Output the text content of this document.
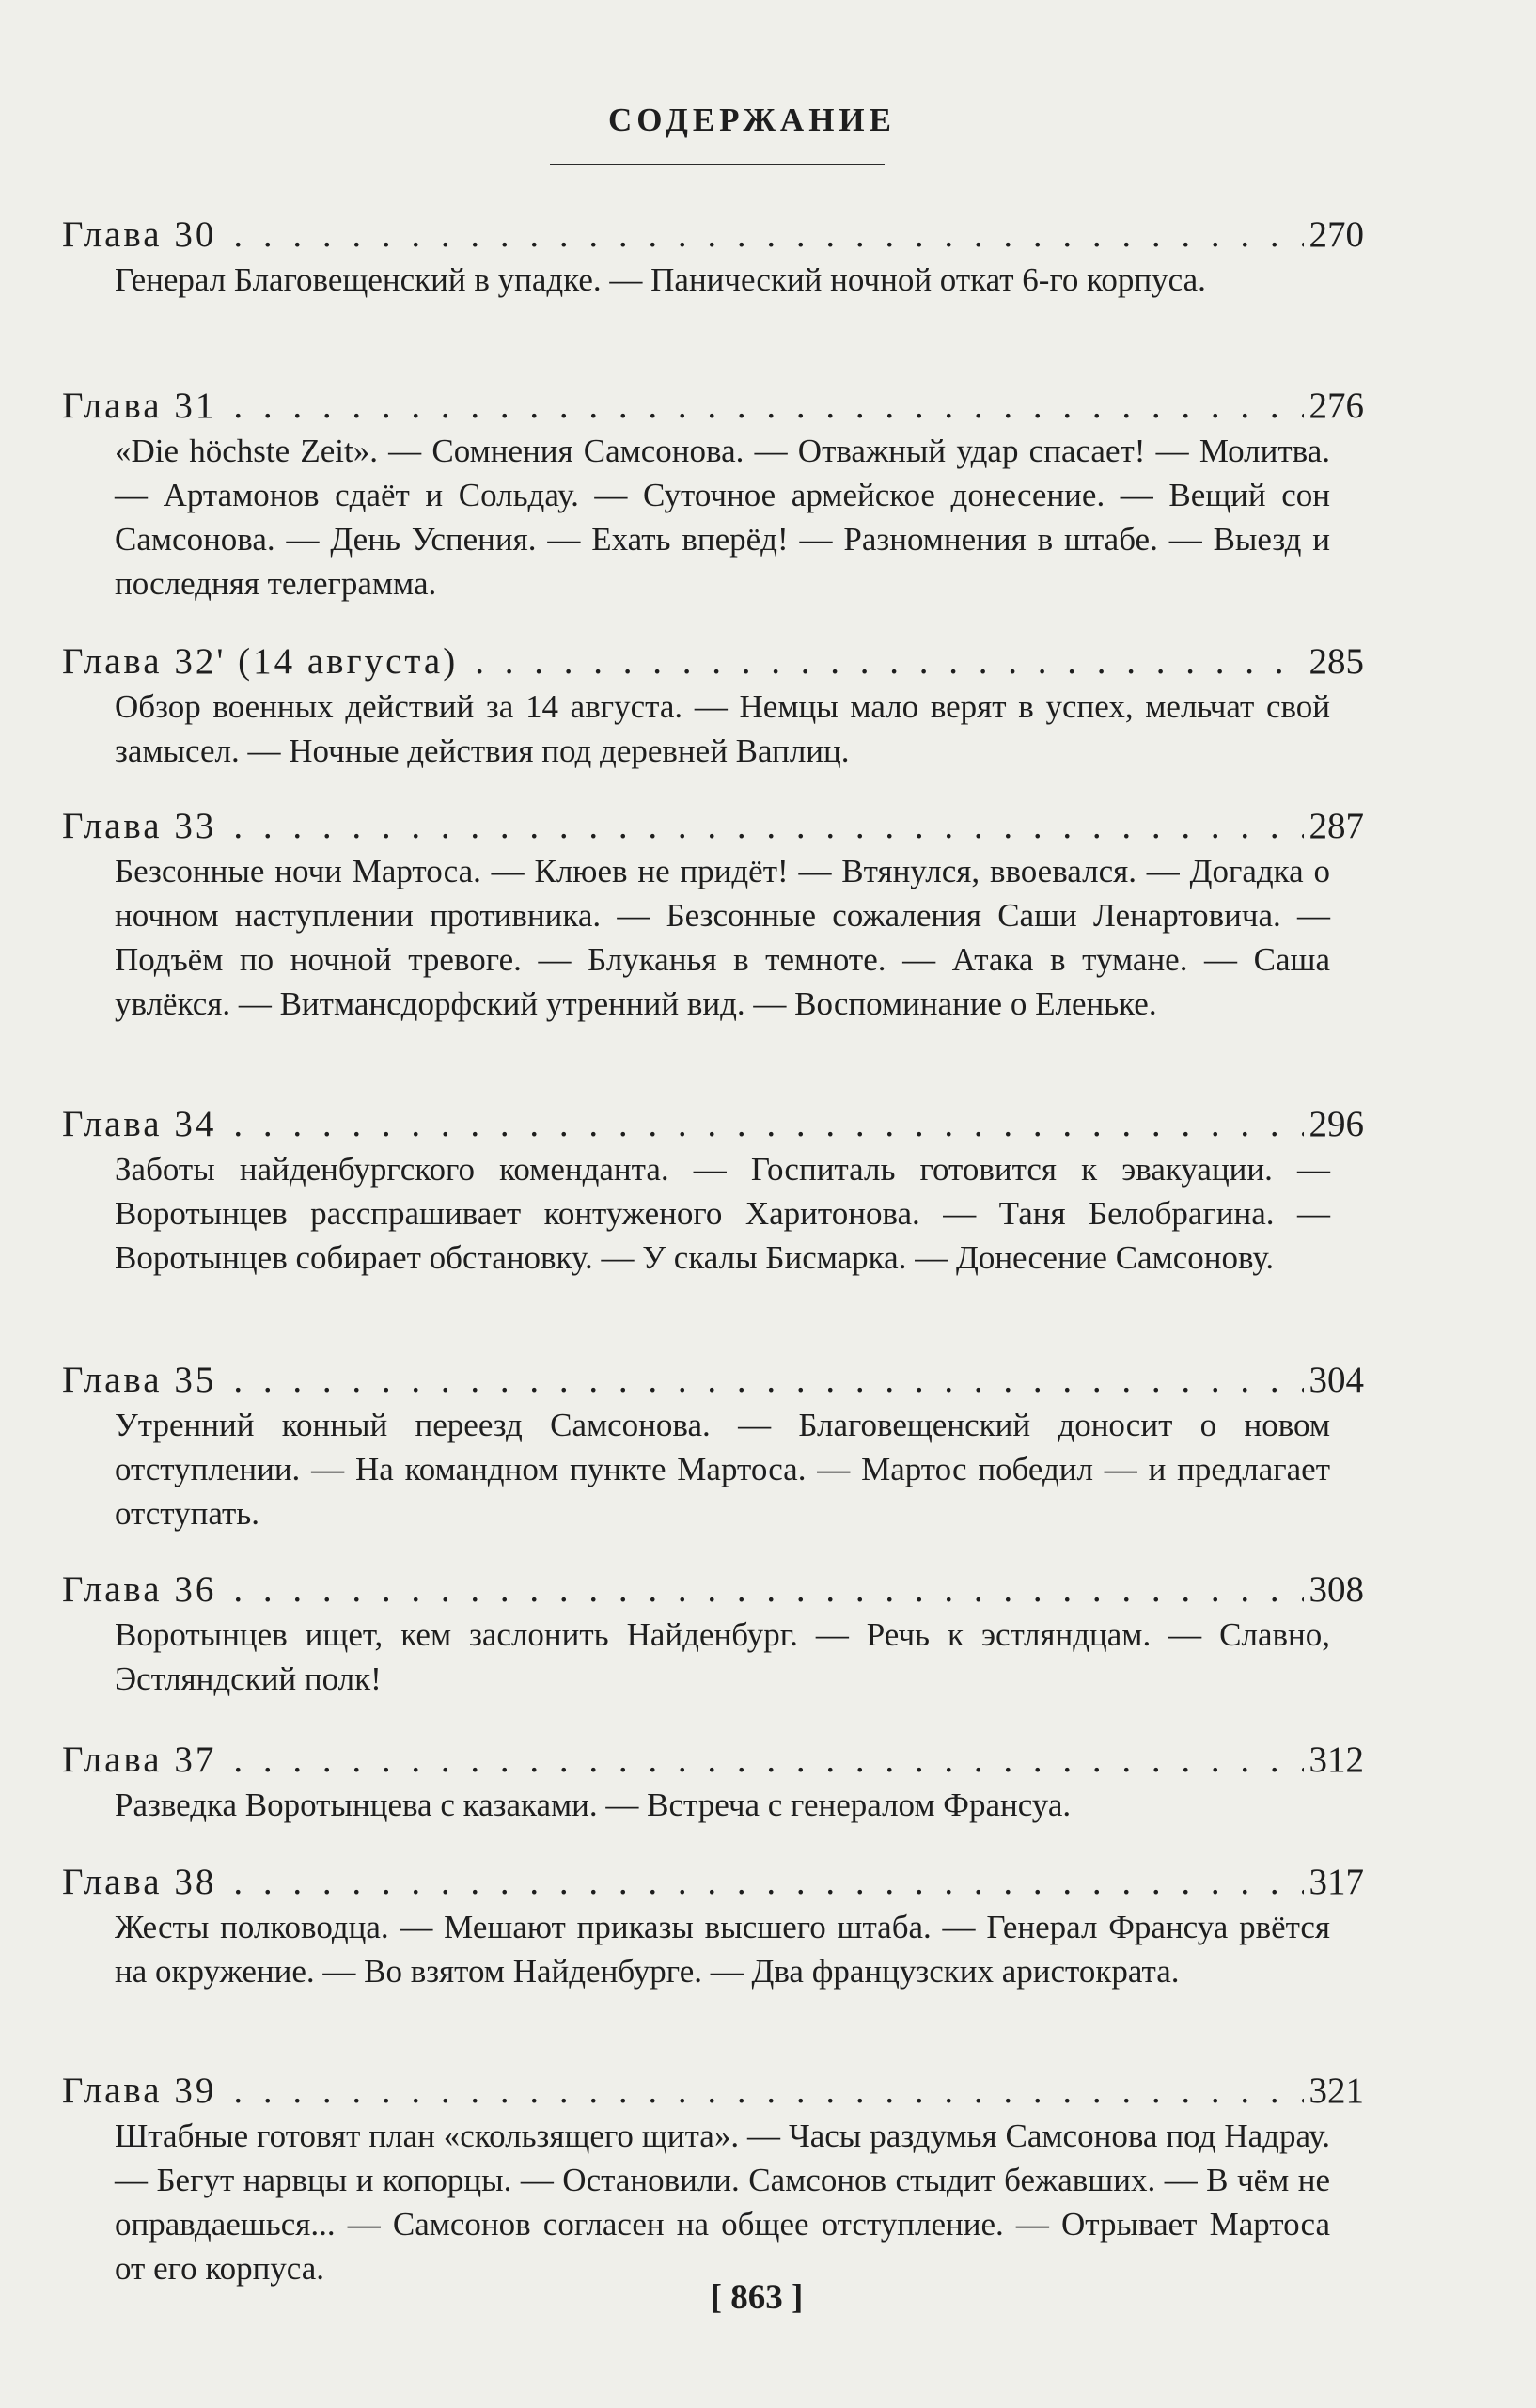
СОДЕРЖАНИЕ
Глава 30 . . .	270
Генерал Благовещенский в упадке. — Панический ночной откат 6-го корпуса.
Глава 31 . . .	276
«Die höchste Zeit». — Сомнения Самсонова. — Отважный удар спасает! — Молитва. — Артамонов сдаёт и Сольдау. — Суточное армейское донесение. — Вещий сон Самсонова. — День Успения. — Ехать вперёд! — Разномнения в штабе. — Выезд и последняя телеграмма.
Глава 32' (14 августа) . . .	285
Обзор военных действий за 14 августа. — Немцы мало верят в успех, мельчат свой замысел. — Ночные действия под деревней Ваплиц.
Глава 33 . . .	287
Безсонные ночи Мартоса. — Клюев не придёт! — Втянулся, ввоевался. — Догадка о ночном наступлении противника. — Безсонные сожаления Саши Ленартовича. — Подъём по ночной тревоге. — Блуканья в темноте. — Атака в тумане. — Саша увлёкся. — Витмансдорфский утренний вид. — Воспоминание о Еленьке.
Глава 34 . . .	296
Заботы найденбургского коменданта. — Госпиталь готовится к эвакуации. — Воротынцев расспрашивает контуженого Харитонова. — Таня Белобрагина. — Воротынцев собирает обстановку. — У скалы Бисмарка. — Донесение Самсонову.
Глава 35 . . .	304
Утренний конный переезд Самсонова. — Благовещенский доносит о новом отступлении. — На командном пункте Мартоса. — Мартос победил — и предлагает отступать.
Глава 36 . . .	308
Воротынцев ищет, кем заслонить Найденбург. — Речь к эстляндцам. — Славно, Эстляндский полк!
Глава 37 . . .	312
Разведка Воротынцева с казаками. — Встреча с генералом Франсуа.
Глава 38 . . .	317
Жесты полководца. — Мешают приказы высшего штаба. — Генерал Франсуа рвётся на окружение. — Во взятом Найденбурге. — Два французских аристократа.
Глава 39 . . .	321
Штабные готовят план «скользящего щита». — Часы раздумья Самсонова под Надрау. — Бегут нарвцы и копорцы. — Остановили. Самсонов стыдит бежавших. — В чём не оправдаешься... — Самсонов согласен на общее отступление. — Отрывает Мартоса от его корпуса.
[ 863 ]
